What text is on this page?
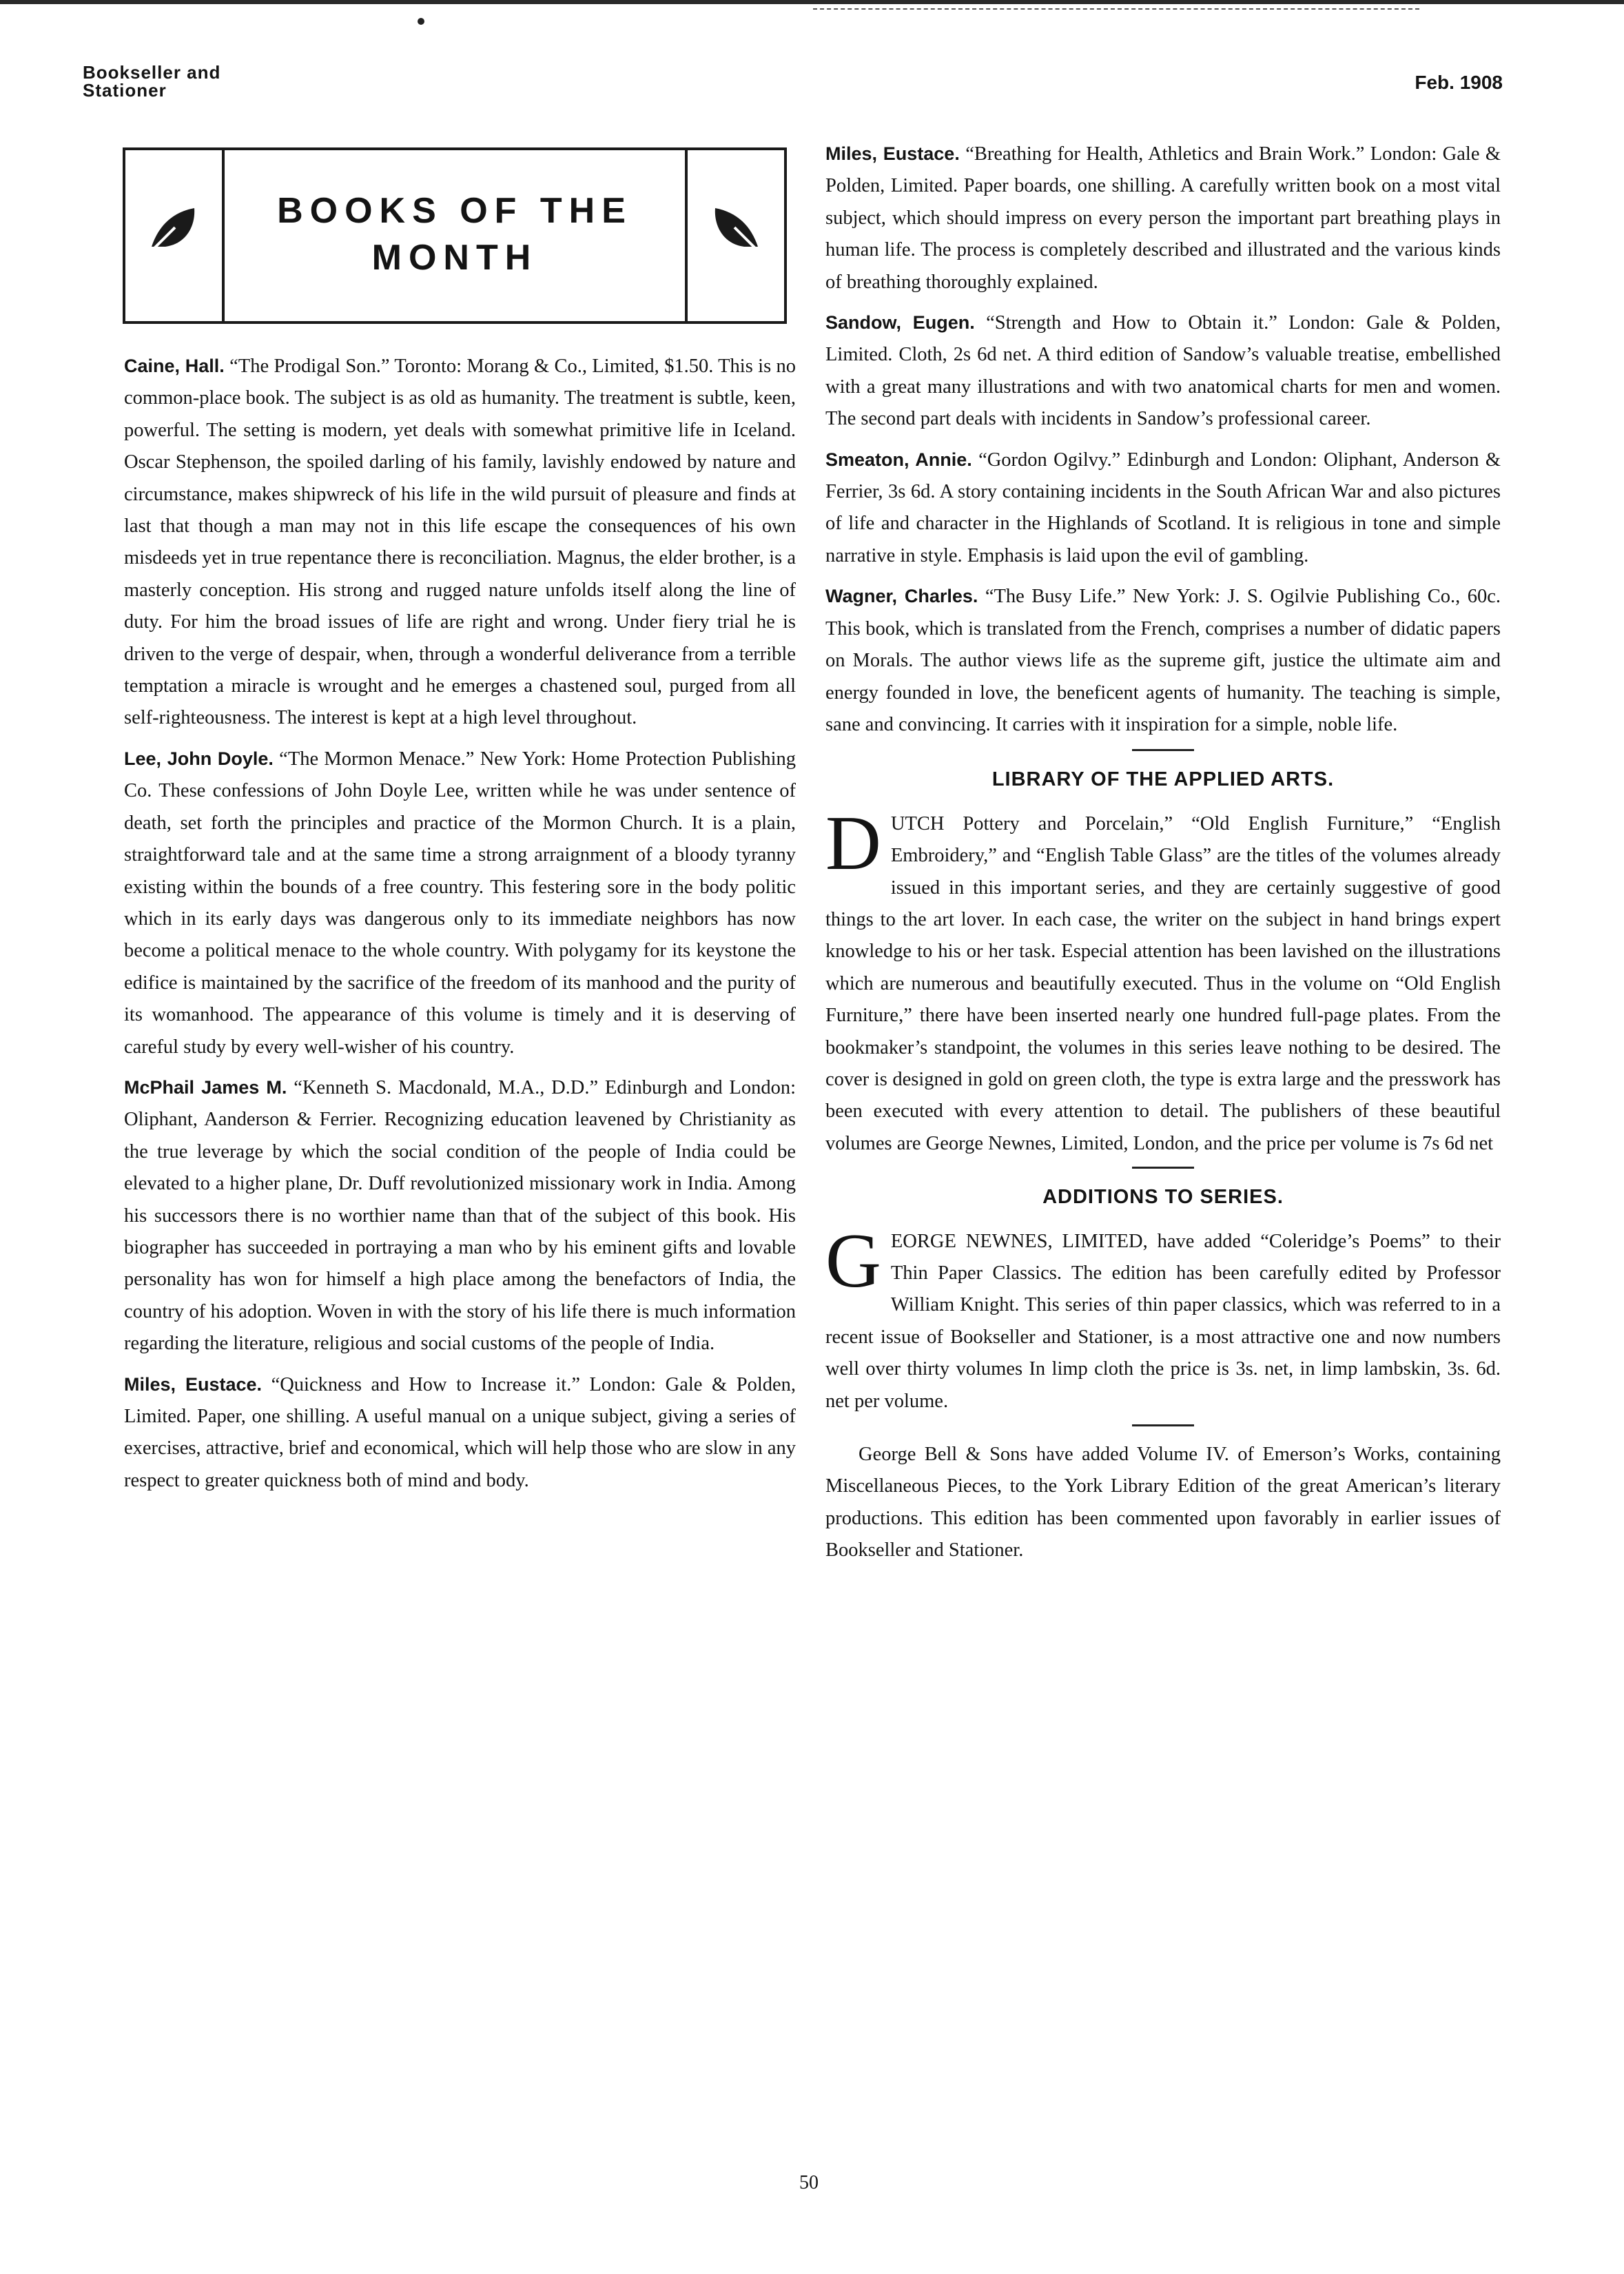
Bookseller and
Stationer	Feb. 1908
BOOKS OF THE
MONTH

Caine, Hall. “The Prodigal Son.” Toronto: Morang & Co., Limited, $1.50. This is no common-place book. The subject is as old as humanity. The treatment is subtle, keen, powerful. The setting is modern, yet deals with somewhat primitive life in Iceland. Oscar Stephenson, the spoiled darling of his family, lavishly endowed by nature and circumstance, makes shipwreck of his life in the wild pursuit of pleasure and finds at last that though a man may not in this life escape the consequences of his own misdeeds yet in true repentance there is reconciliation. Magnus, the elder brother, is a masterly conception. His strong and rugged nature unfolds itself along the line of duty. For him the broad issues of life are right and wrong. Under fiery trial he is driven to the verge of despair, when, through a wonderful deliverance from a terrible temptation a miracle is wrought and he emerges a chastened soul, purged from all self-righteousness. The interest is kept at a high level throughout.

Lee, John Doyle. “The Mormon Menace.” New York: Home Protection Publishing Co. These confessions of John Doyle Lee, written while he was under sentence of death, set forth the principles and practice of the Mormon Church. It is a plain, straightforward tale and at the same time a strong arraignment of a bloody tyranny existing within the bounds of a free country. This festering sore in the body politic which in its early days was dangerous only to its immediate neighbors has now become a political menace to the whole country. With polygamy for its keystone the edifice is maintained by the sacrifice of the freedom of its manhood and the purity of its womanhood. The appearance of this volume is timely and it is deserving of careful study by every well-wisher of his country.

McPhail James M. “Kenneth S. Macdonald, M.A., D.D.” Edinburgh and London: Oliphant, Aanderson & Ferrier. Recognizing education leavened by Christianity as the true leverage by which the social condition of the people of India could be elevated to a higher plane, Dr. Duff revolutionized missionary work in India. Among his successors there is no worthier name than that of the subject of this book. His biographer has succeeded in portraying a man who by his eminent gifts and lovable personality has won for himself a high place among the benefactors of India, the country of his adoption. Woven in with the story of his life there is much information regarding the literature, religious and social customs of the people of India.

Miles, Eustace. “Quickness and How to Increase it.” London: Gale & Polden, Limited. Paper, one shilling. A useful manual on a unique subject, giving a series of exercises, attractive, brief and economical, which will help those who are slow in any respect to greater quickness both of mind and body.

Miles, Eustace. “Breathing for Health, Athletics and Brain Work.” London: Gale & Polden, Limited. Paper boards, one shilling. A carefully written book on a most vital subject, which should impress on every person the important part breathing plays in human life. The process is completely described and illustrated and the various kinds of breathing thoroughly explained.

Sandow, Eugen. “Strength and How to Obtain it.” London: Gale & Polden, Limited. Cloth, 2s 6d net. A third edition of Sandow’s valuable treatise, embellished with a great many illustrations and with two anatomical charts for men and women. The second part deals with incidents in Sandow’s professional career.

Smeaton, Annie. “Gordon Ogilvy.” Edinburgh and London: Oliphant, Anderson & Ferrier, 3s 6d. A story containing incidents in the South African War and also pictures of life and character in the Highlands of Scotland. It is religious in tone and simple narrative in style. Emphasis is laid upon the evil of gambling.

Wagner, Charles. “The Busy Life.” New York: J. S. Ogilvie Publishing Co., 60c. This book, which is translated from the French, comprises a number of didatic papers on Morals. The author views life as the supreme gift, justice the ultimate aim and energy founded in love, the beneficent agents of humanity. The teaching is simple, sane and convincing. It carries with it inspiration for a simple, noble life.

LIBRARY OF THE APPLIED ARTS.

DUTCH Pottery and Porcelain,” “Old English Furniture,” “English Embroidery,” and “English Table Glass” are the titles of the volumes already issued in this important series, and they are certainly suggestive of good things to the art lover. In each case, the writer on the subject in hand brings expert knowledge to his or her task. Especial attention has been lavished on the illustrations which are numerous and beautifully executed. Thus in the volume on “Old English Furniture,” there have been inserted nearly one hundred full-page plates. From the bookmaker’s standpoint, the volumes in this series leave nothing to be desired. The cover is designed in gold on green cloth, the type is extra large and the presswork has been executed with every attention to detail. The publishers of these beautiful volumes are George Newnes, Limited, London, and the price per volume is 7s 6d net

ADDITIONS TO SERIES.

GEORGE NEWNES, LIMITED, have added “Coleridge’s Poems” to their Thin Paper Classics. The edition has been carefully edited by Professor William Knight. This series of thin paper classics, which was referred to in a recent issue of Bookseller and Stationer, is a most attractive one and now numbers well over thirty volumes In limp cloth the price is 3s. net, in limp lambskin, 3s. 6d. net per volume.

George Bell & Sons have added Volume IV. of Emerson’s Works, containing Miscellaneous Pieces, to the York Library Edition of the great American’s literary productions. This edition has been commented upon favorably in earlier issues of Bookseller and Stationer.

50
